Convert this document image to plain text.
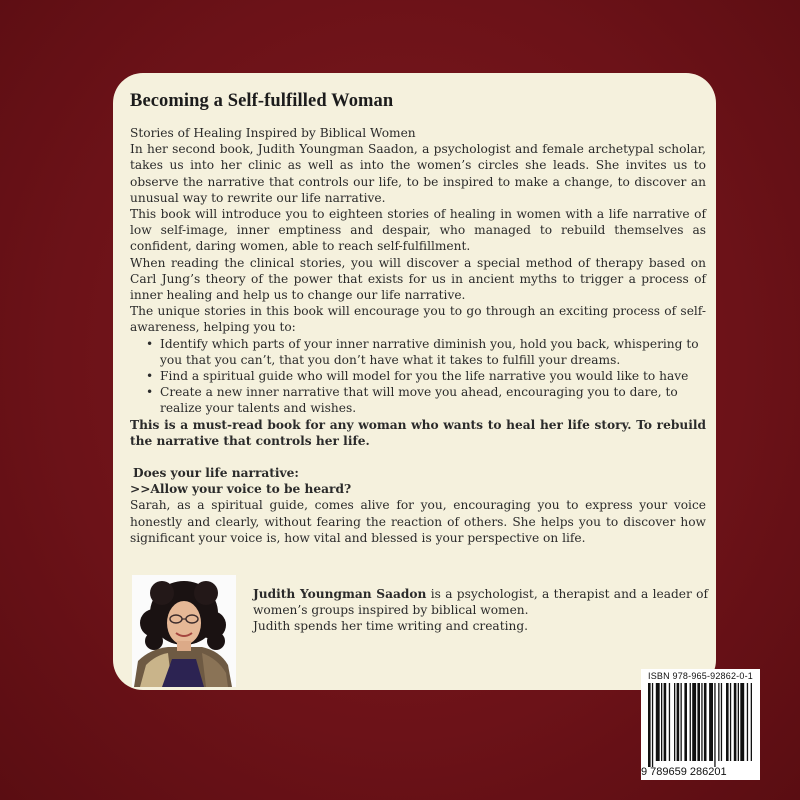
Becoming a Self-fulfilled Woman

Stories of Healing Inspired by Biblical Women

In her second book, Judith Youngman Saadon, a psychologist and female archetypal scholar, takes us into her clinic as well as into the women’s circles she leads. She invites us to observe the narrative that controls our life, to be inspired to make a change, to discover an unusual way to rewrite our life narrative.

This book will introduce you to eighteen stories of healing in women with a life narrative of low self-image, inner emptiness and despair, who managed to rebuild themselves as confident, daring women, able to reach self-fulfillment.

When reading the clinical stories, you will discover a special method of therapy based on Carl Jung’s theory of the power that exists for us in ancient myths to trigger a process of inner healing and help us to change our life narrative.

The unique stories in this book will encourage you to go through an exciting process of self-awareness, helping you to:

• Identify which parts of your inner narrative diminish you, hold you back, whispering to you that you can’t, that you don’t have what it takes to fulfill your dreams.
• Find a spiritual guide who will model for you the life narrative you would like to have
• Create a new inner narrative that will move you ahead, encouraging you to dare, to realize your talents and wishes.

This is a must-read book for any woman who wants to heal her life story. To rebuild the narrative that controls her life.

Does your life narrative:

>>Allow your voice to be heard?

Sarah, as a spiritual guide, comes alive for you, encouraging you to express your voice honestly and clearly, without fearing the reaction of others. She helps you to discover how significant your voice is, how vital and blessed is your perspective on life.

Judith Youngman Saadon is a psychologist, a therapist and a leader of women’s groups inspired by biblical women.
Judith spends her time writing and creating.
ISBN 978-965-92862-0-1
9 789659 286201
